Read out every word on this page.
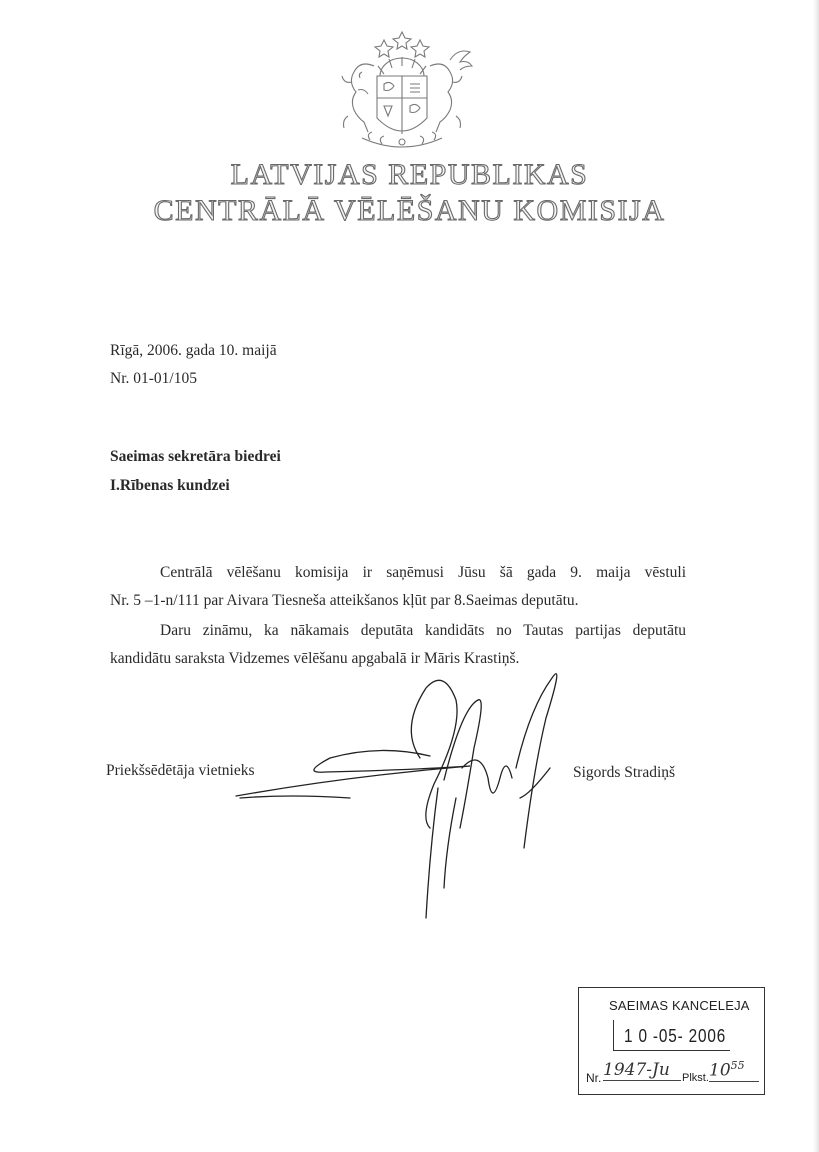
LATVIJAS REPUBLIKAS
CENTRĀLĀ VĒLĒŠANU KOMISIJA
Rīgā, 2006. gada 10. maijā
Nr. 01-01/105
Saeimas sekretāra biedrei
I.Rībenas kundzei
Centrālā vēlēšanu komisija ir saņēmusi Jūsu šā gada 9. maija vēstuli
Nr. 5 –1-n/111 par Aivara Tiesneša atteikšanos kļūt par 8.Saeimas deputātu.
Daru zināmu, ka nākamais deputāta kandidāts no Tautas partijas deputātu
kandidātu saraksta Vidzemes vēlēšanu apgabalā ir Māris Krastiņš.
Priekšsēdētāja vietnieks	Sigords Stradiņš
SAEIMAS KANCELEJA
1 0 -05- 2006
Nr. 1947-Ju	Plkst. $10^{55}$
